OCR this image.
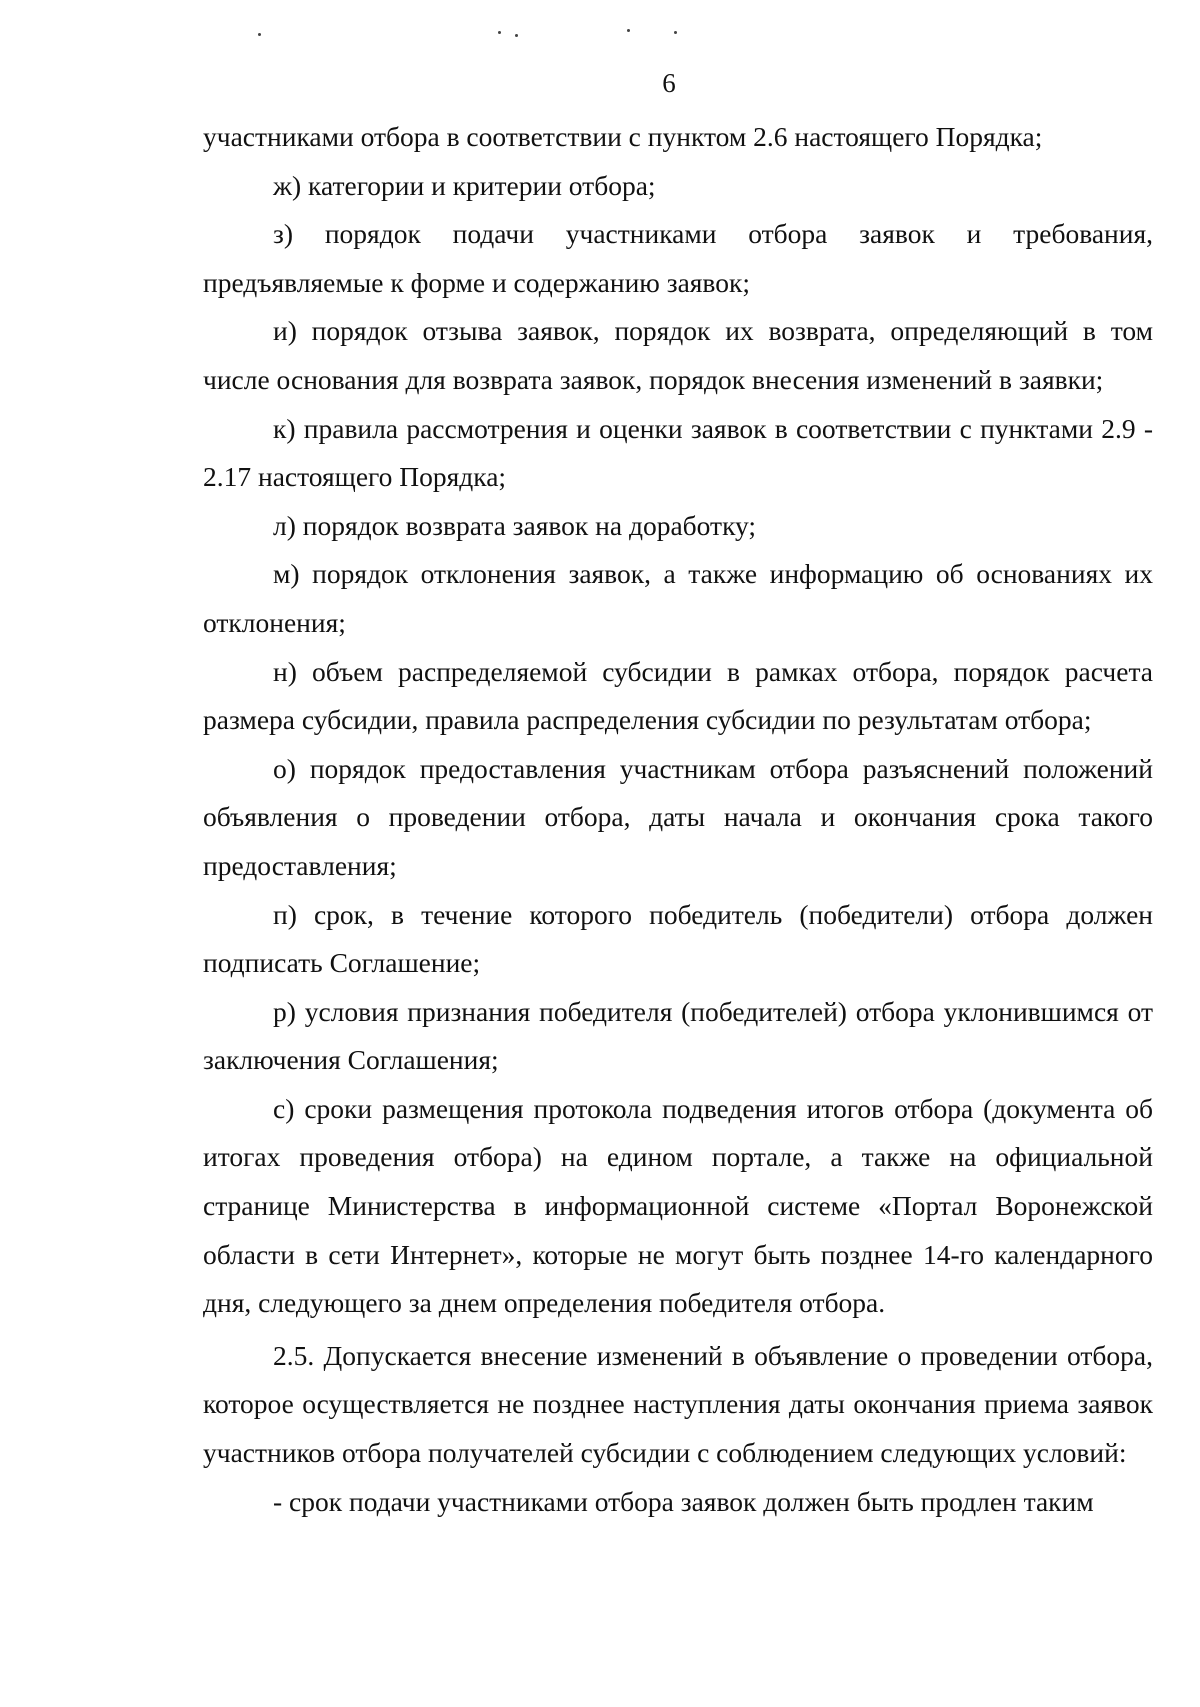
6

участниками отбора в соответствии с пунктом 2.6 настоящего Порядка;

ж) категории и критерии отбора;

з) порядок подачи участниками отбора заявок и требования, предъявляемые к форме и содержанию заявок;

и) порядок отзыва заявок, порядок их возврата, определяющий в том числе основания для возврата заявок, порядок внесения изменений в заявки;

к) правила рассмотрения и оценки заявок в соответствии с пунктами 2.9 - 2.17 настоящего Порядка;

л) порядок возврата заявок на доработку;

м) порядок отклонения заявок, а также информацию об основаниях их отклонения;

н) объем распределяемой субсидии в рамках отбора, порядок расчета размера субсидии, правила распределения субсидии по результатам отбора;

о) порядок предоставления участникам отбора разъяснений положений объявления о проведении отбора, даты начала и окончания срока такого предоставления;

п) срок, в течение которого победитель (победители) отбора должен подписать Соглашение;

р) условия признания победителя (победителей) отбора уклонившимся от заключения Соглашения;

с) сроки размещения протокола подведения итогов отбора (документа об итогах проведения отбора) на едином портале, а также на официальной странице Министерства в информационной системе «Портал Воронежской области в сети Интернет», которые не могут быть позднее 14-го календарного дня, следующего за днем определения победителя отбора.

2.5. Допускается внесение изменений в объявление о проведении отбора, которое осуществляется не позднее наступления даты окончания приема заявок участников отбора получателей субсидии с соблюдением следующих условий:

- срок подачи участниками отбора заявок должен быть продлен таким
